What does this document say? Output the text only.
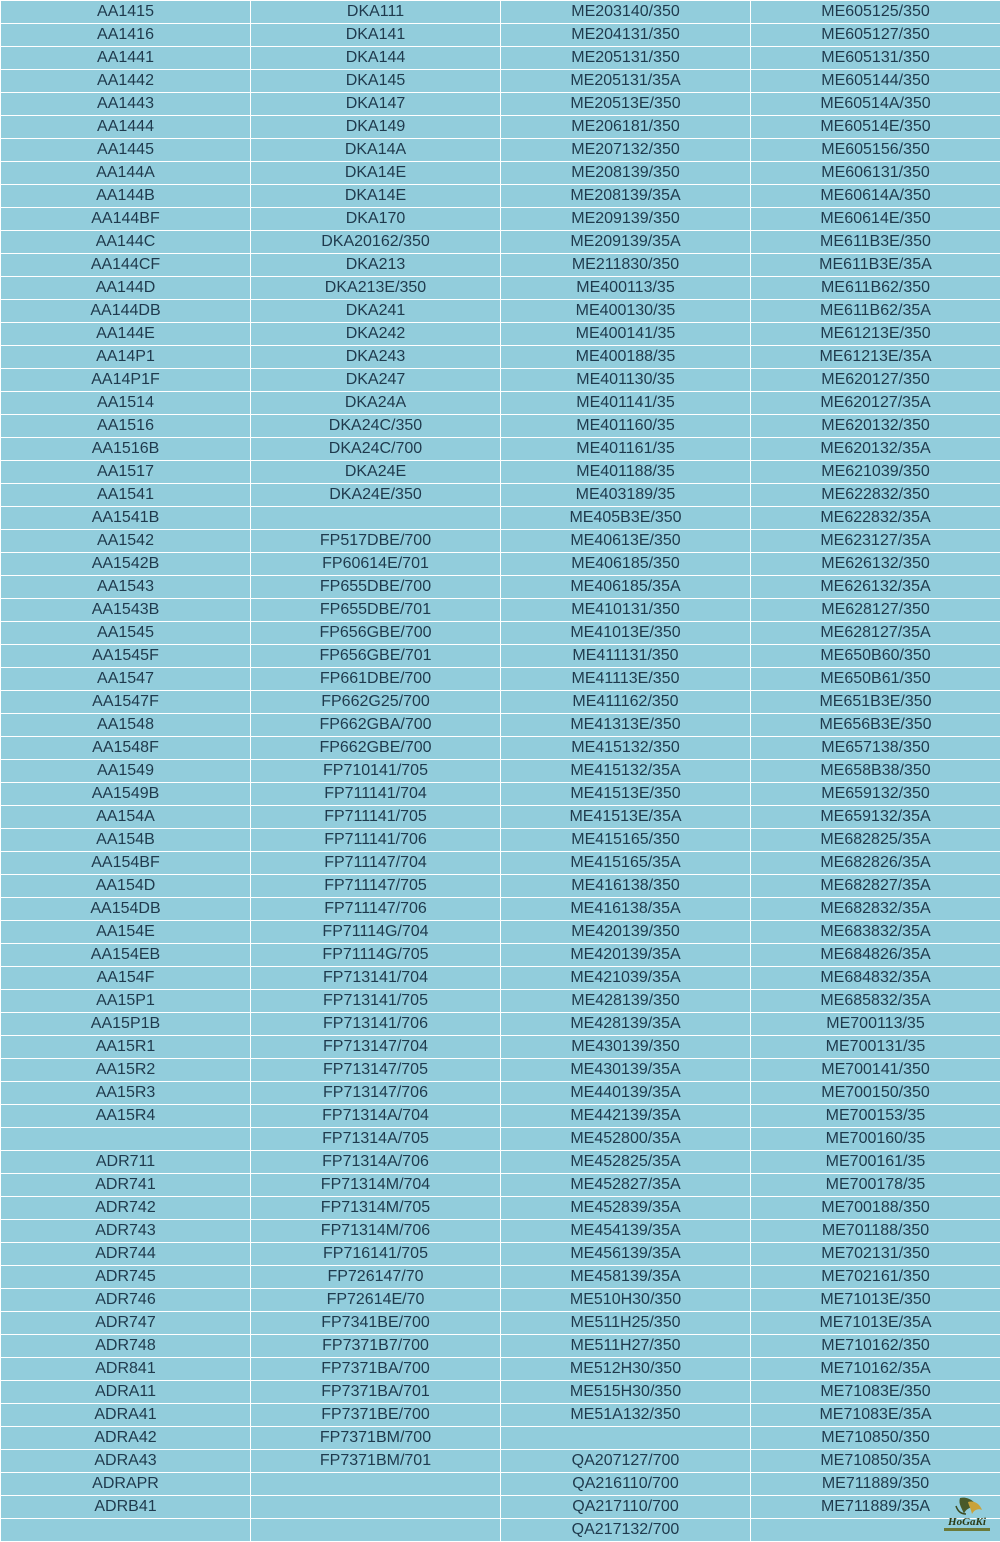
AA1415	DKA111	ME203140/350	ME605125/350
AA1416	DKA141	ME204131/350	ME605127/350
AA1441	DKA144	ME205131/350	ME605131/350
AA1442	DKA145	ME205131/35A	ME605144/350
AA1443	DKA147	ME20513E/350	ME60514A/350
AA1444	DKA149	ME206181/350	ME60514E/350
AA1445	DKA14A	ME207132/350	ME605156/350
AA144A	DKA14E	ME208139/350	ME606131/350
AA144B	DKA14E	ME208139/35A	ME60614A/350
AA144BF	DKA170	ME209139/350	ME60614E/350
AA144C	DKA20162/350	ME209139/35A	ME611B3E/350
AA144CF	DKA213	ME211830/350	ME611B3E/35A
AA144D	DKA213E/350	ME400113/35	ME611B62/350
AA144DB	DKA241	ME400130/35	ME611B62/35A
AA144E	DKA242	ME400141/35	ME61213E/350
AA14P1	DKA243	ME400188/35	ME61213E/35A
AA14P1F	DKA247	ME401130/35	ME620127/350
AA1514	DKA24A	ME401141/35	ME620127/35A
AA1516	DKA24C/350	ME401160/35	ME620132/350
AA1516B	DKA24C/700	ME401161/35	ME620132/35A
AA1517	DKA24E	ME401188/35	ME621039/350
AA1541	DKA24E/350	ME403189/35	ME622832/350
AA1541B		ME405B3E/350	ME622832/35A
AA1542	FP517DBE/700	ME40613E/350	ME623127/35A
AA1542B	FP60614E/701	ME406185/350	ME626132/350
AA1543	FP655DBE/700	ME406185/35A	ME626132/35A
AA1543B	FP655DBE/701	ME410131/350	ME628127/350
AA1545	FP656GBE/700	ME41013E/350	ME628127/35A
AA1545F	FP656GBE/701	ME411131/350	ME650B60/350
AA1547	FP661DBE/700	ME41113E/350	ME650B61/350
AA1547F	FP662G25/700	ME411162/350	ME651B3E/350
AA1548	FP662GBA/700	ME41313E/350	ME656B3E/350
AA1548F	FP662GBE/700	ME415132/350	ME657138/350
AA1549	FP710141/705	ME415132/35A	ME658B38/350
AA1549B	FP711141/704	ME41513E/350	ME659132/350
AA154A	FP711141/705	ME41513E/35A	ME659132/35A
AA154B	FP711141/706	ME415165/350	ME682825/35A
AA154BF	FP711147/704	ME415165/35A	ME682826/35A
AA154D	FP711147/705	ME416138/350	ME682827/35A
AA154DB	FP711147/706	ME416138/35A	ME682832/35A
AA154E	FP71114G/704	ME420139/350	ME683832/35A
AA154EB	FP71114G/705	ME420139/35A	ME684826/35A
AA154F	FP713141/704	ME421039/35A	ME684832/35A
AA15P1	FP713141/705	ME428139/350	ME685832/35A
AA15P1B	FP713141/706	ME428139/35A	ME700113/35
AA15R1	FP713147/704	ME430139/350	ME700131/35
AA15R2	FP713147/705	ME430139/35A	ME700141/350
AA15R3	FP713147/706	ME440139/35A	ME700150/350
AA15R4	FP71314A/704	ME442139/35A	ME700153/35
	FP71314A/705	ME452800/35A	ME700160/35
ADR711	FP71314A/706	ME452825/35A	ME700161/35
ADR741	FP71314M/704	ME452827/35A	ME700178/35
ADR742	FP71314M/705	ME452839/35A	ME700188/350
ADR743	FP71314M/706	ME454139/35A	ME701188/350
ADR744	FP716141/705	ME456139/35A	ME702131/350
ADR745	FP726147/70	ME458139/35A	ME702161/350
ADR746	FP72614E/70	ME510H30/350	ME71013E/350
ADR747	FP7341BE/700	ME511H25/350	ME71013E/35A
ADR748	FP7371B7/700	ME511H27/350	ME710162/350
ADR841	FP7371BA/700	ME512H30/350	ME710162/35A
ADRA11	FP7371BA/701	ME515H30/350	ME71083E/350
ADRA41	FP7371BE/700	ME51A132/350	ME71083E/35A
ADRA42	FP7371BM/700		ME710850/350
ADRA43	FP7371BM/701	QA207127/700	ME710850/35A
ADRAPR		QA216110/700	ME711889/350
ADRB41		QA217110/700	ME711889/35A
		QA217132/700		HoGaKi
